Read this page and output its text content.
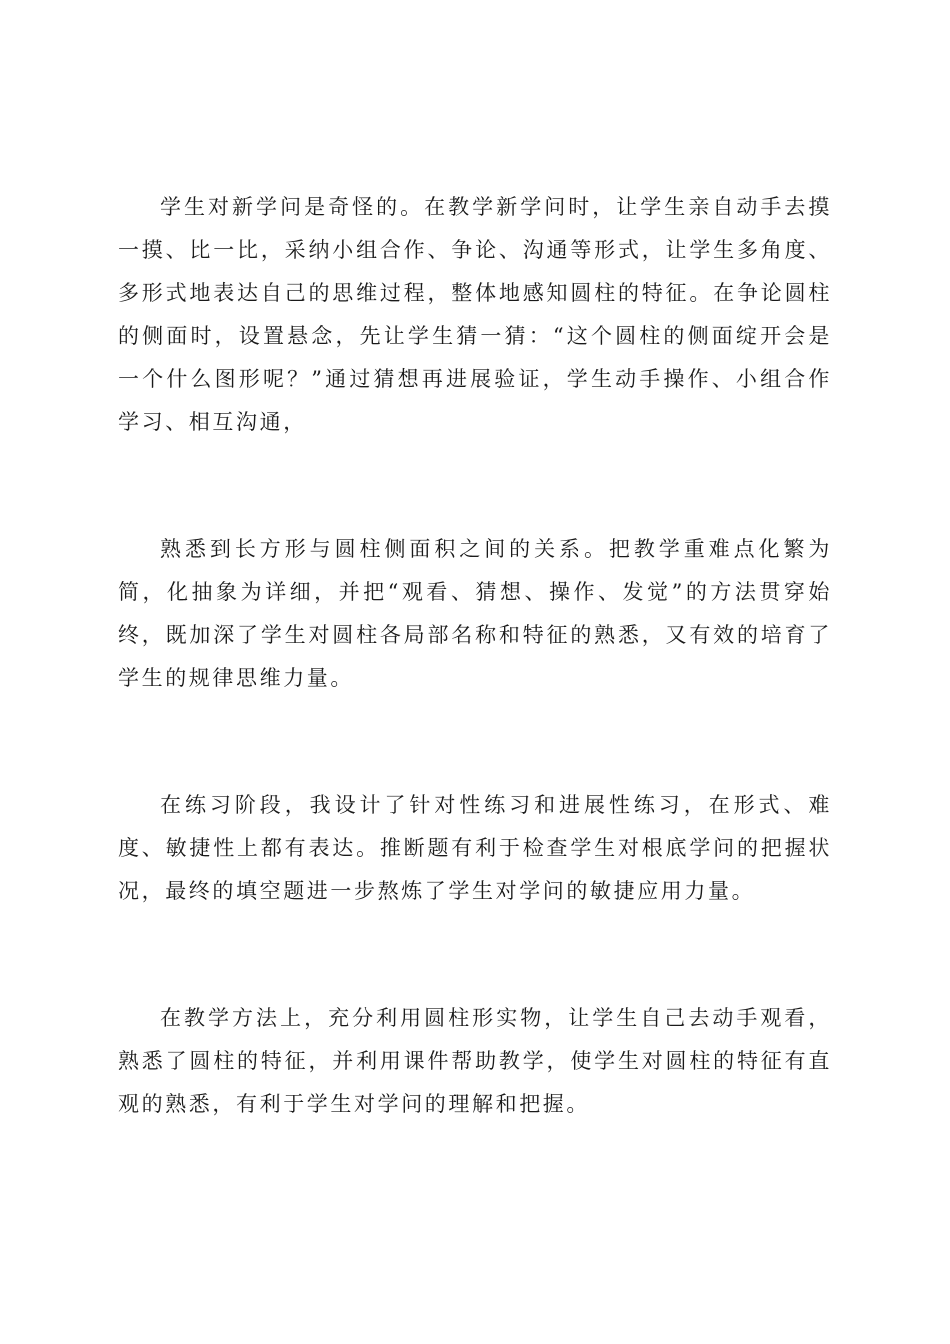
学生对新学问是奇怪的。在教学新学问时，让学生亲自动手去摸一摸、比一比，采纳小组合作、争论、沟通等形式，让学生多角度、多形式地表达自己的思维过程，整体地感知圆柱的特征。在争论圆柱的侧面时，设置悬念，先让学生猜一猜：“这个圆柱的侧面绽开会是一个什么图形呢？”通过猜想再进展验证，学生动手操作、小组合作学习、相互沟通，

熟悉到长方形与圆柱侧面积之间的关系。把教学重难点化繁为简，化抽象为详细，并把“观看、猜想、操作、发觉”的方法贯穿始终，既加深了学生对圆柱各局部名称和特征的熟悉，又有效的培育了学生的规律思维力量。

在练习阶段，我设计了针对性练习和进展性练习，在形式、难度、敏捷性上都有表达。推断题有利于检查学生对根底学问的把握状况，最终的填空题进一步熬炼了学生对学问的敏捷应用力量。

在教学方法上，充分利用圆柱形实物，让学生自己去动手观看，熟悉了圆柱的特征，并利用课件帮助教学，使学生对圆柱的特征有直观的熟悉，有利于学生对学问的理解和把握。
